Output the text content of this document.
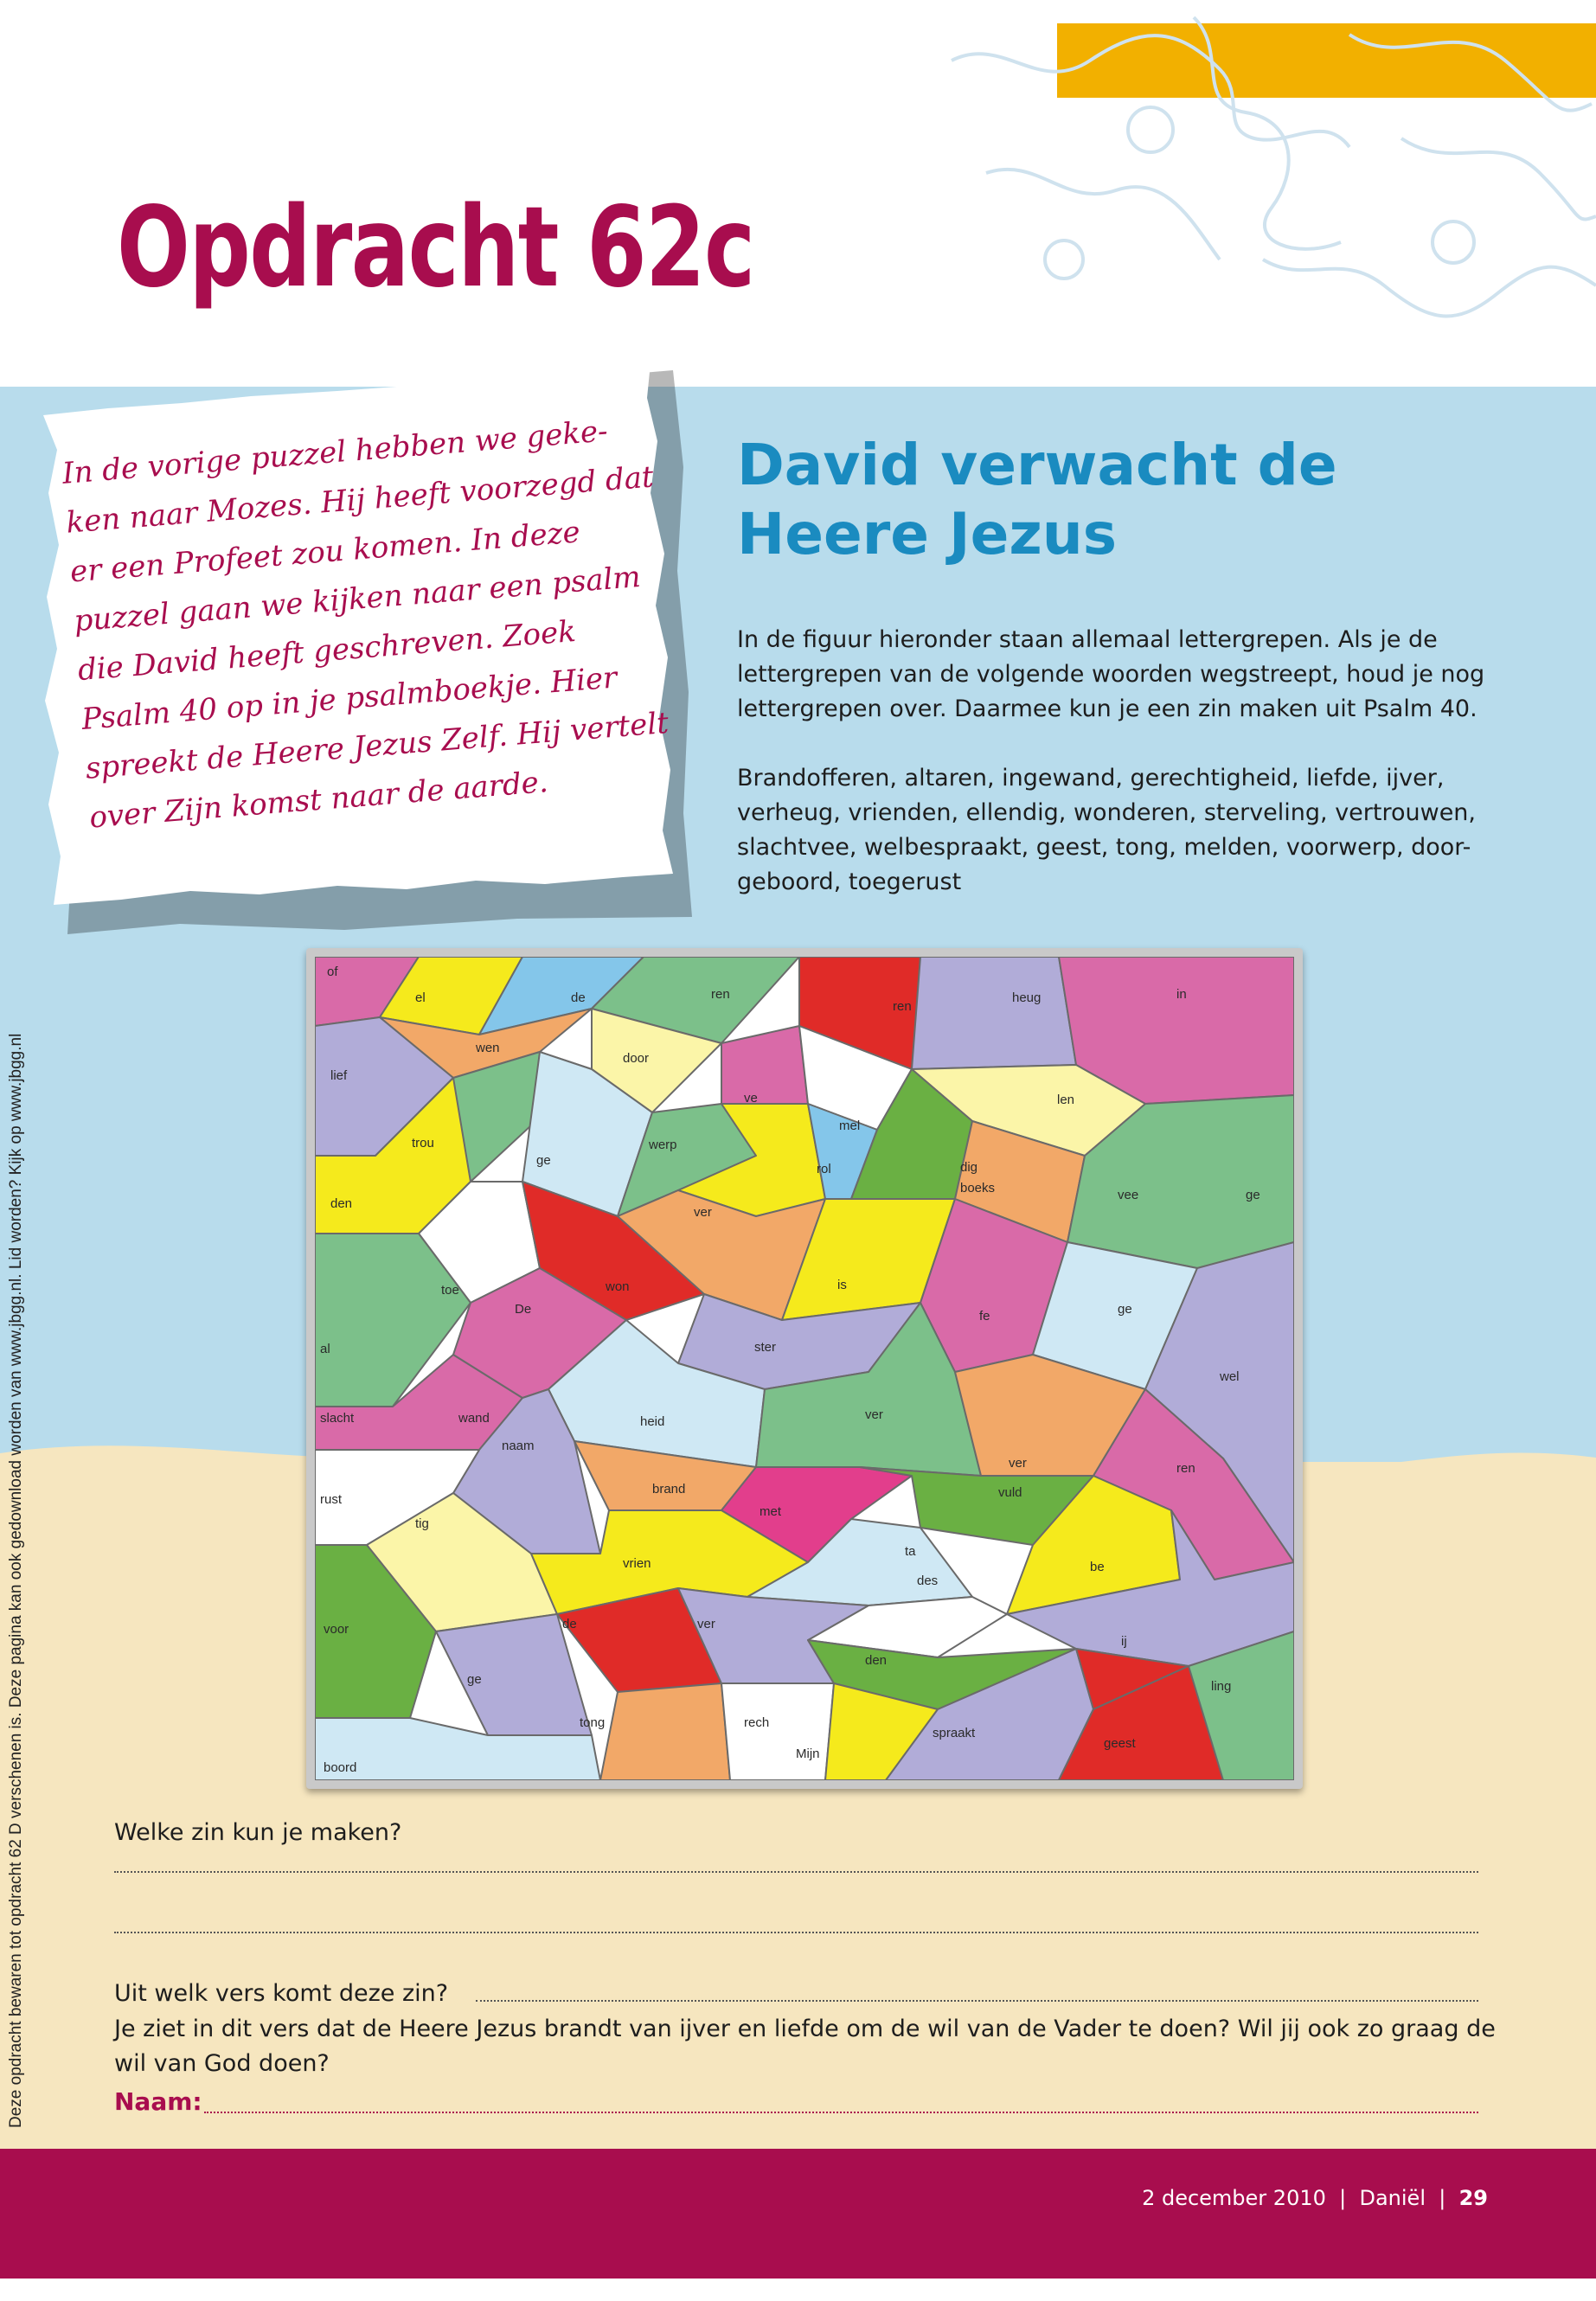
Opdracht 62c
In de vorige puzzel hebben we geke-ken naar Mozes. Hij heeft voorzegd dat er een Profeet zou komen. In deze puzzel gaan we kijken naar een psalm die David heeft geschreven. Zoek Psalm 40 op in je psalmboekje. Hier spreekt de Heere Jezus Zelf. Hij vertelt over Zijn komst naar de aarde.
David verwacht de
Heere Jezus
In de figuur hieronder staan allemaal lettergrepen. Als je de lettergrepen van de volgende woorden wegstreept, houd je nog lettergrepen over. Daarmee kun je een zin maken uit Psalm 40.
Brandofferen, altaren, ingewand, gerechtigheid, liefde, ijver, verheug, vrienden, ellendig, wonderen, sterveling, vertrouwen, slachtvee, welbespraakt, geest, tong, melden, voorwerp, door-geboord, toegerust
of
el	de	ren
ren
heug	in
wen
door
lief
ve	len
mel
trou
ge
werp
rol	dig
boeks	vee	ge
den
ver
is
toe	won
De
al
fe	ge
ster
wel
slacht	wand	heid	ver
naam
ver	ren
brand	vuld
rust
tig
met
ta
be
des
vrien
voor	de	ver
ij
den
ge	ling
tong	rech
spraakt
geest
boord
Mijn
Deze opdracht bewaren tot opdracht 62 D verschenen is. Deze pagina kan ook gedownload worden van www.jbgg.nl. Lid worden? Kijk op www.jbgg.nl	Welke zin kun je maken?
Uit welk vers komt deze zin?
Je ziet in dit vers dat de Heere Jezus brandt van ijver en liefde om de wil van de Vader te doen? Wil jij ook zo graag de wil van God doen?
Naam:
2 december 2010  |  Daniël  |  29
